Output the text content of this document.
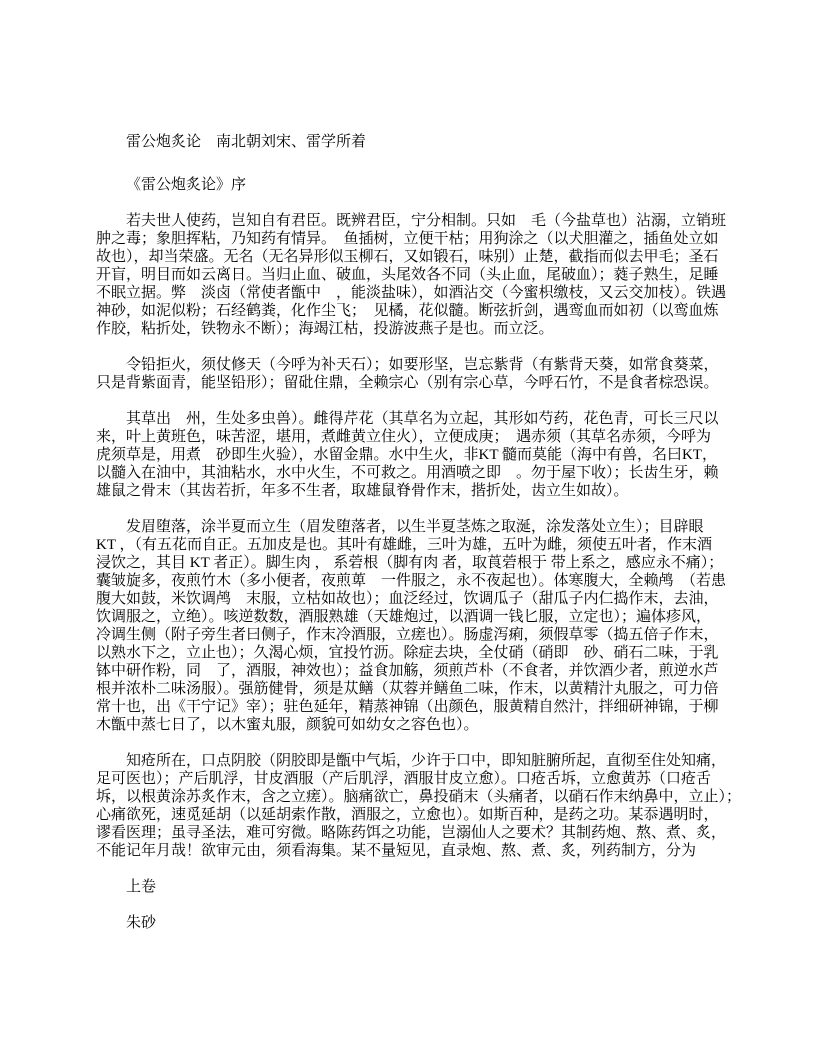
雷公炮炙论　南北朝刘宋、雷学所着
《雷公炮炙论》序
若夫世人使药，岂知自有君臣。既辨君臣，宁分相制。只如　毛（今盐草也）沾溺，立销班
肿之毒；象胆挥粘，乃知药有情异。　鱼插树，立便干枯；用狗涂之（以犬胆灌之，插鱼处立如
故也），却当荣盛。无名（无名异形似玉柳石，又如锻石，味别）止楚，截指而似去甲毛；圣石
开盲，明目而如云离日。当归止血、破血，头尾效各不同（头止血，尾破血）；蕤子熟生，足睡
不眠立据。弊　淡卤（常使者甑中　，能淡盐味），如酒沾交（今蜜枳缴枝，又云交加枝）。铁遇
神砂，如泥似粉；石经鹤粪，化作尘飞；　见橘，花似髓。断弦折剑，遇鸾血而如初（以鸾血炼
作胶，粘折处，铁物永不断）；海竭江枯，投游波燕子是也。而立泛。
令铅拒火，须仗修天（今呼为补天石）；如要形坚，岂忘紫背（有紫背天葵，如常食葵菜，
只是背紫面青，能坚铅形）；留砒住鼎，全赖宗心（别有宗心草，今呼石竹，不是食者棕恐误。
其草出　州，生处多虫兽）。雌得芹花（其草名为立起，其形如芍药，花色青，可长三尺以
来，叶上黄班色，味苦涩，堪用，煮雌黄立住火），立便成庚；　遇赤须（其草名赤须，今呼为
虎须草是，用煮　砂即生火验），水留金鼎。水中生火，非KT 髓而莫能（海中有兽，名曰KT，
以髓入在油中，其油粘水，水中火生，不可救之。用酒喷之即　。勿于屋下收）；长齿生牙，赖
雄鼠之骨末（其齿若折，年多不生者，取雄鼠脊骨作末，揩折处，齿立生如故）。
发眉堕落，涂半夏而立生（眉发堕落者，以生半夏茎炼之取涎，涂发落处立生）；目辟眼
KT ，（有五花而自正。五加皮是也。其叶有雄雌，三叶为雄，五叶为雌，须使五叶者，作末酒
浸饮之，其目 KT 者正）。脚生肉 ， 系菪根（脚有肉 者，取莨菪根于 带上系之，感应永不痛）；
囊皱旋多，夜煎竹木（多小便者，夜煎萆　一件服之，永不夜起也）。体寒腹大，全赖鸬　（若患
腹大如鼓，米饮调鸬　末服，立枯如故也）；血泛经过，饮调瓜子（甜瓜子内仁捣作末，去油，
饮调服之，立绝）。咳逆数数，酒服熟雄（天雄炮过，以酒调一钱匕服，立定也）；遍体疹风，
冷调生侧（附子旁生者曰侧子，作末冷酒服，立瘥也）。肠虚泻痢，须假草零（捣五倍子作末，
以熟水下之，立止也）；久渴心烦，宜投竹沥。除症去块，全仗硝（硝即　砂、硝石二味，于乳
钵中研作粉，同　了，酒服，神效也）；益食加觞，须煎芦朴（不食者，并饮酒少者，煎逆水芦
根并浓朴二味汤服）。强筋健骨，须是苁鳝（苁蓉并鳝鱼二味，作末，以黄精汁丸服之，可力倍
常十也，出《干宁记》宰）；驻色延年，精蒸神锦（出颜色，服黄精自然汁，拌细研神锦，于柳
木甑中蒸七日了，以木蜜丸服，颜貌可如幼女之容色也）。
知疮所在，口点阴胶（阴胶即是甑中气垢，少许于口中，即知脏腑所起，直彻至住处知痛，
足可医也）；产后肌浮，甘皮酒服（产后肌浮，酒服甘皮立愈）。口疮舌坼，立愈黄苏（口疮舌
坼，以根黄涂苏炙作末，含之立瘥）。脑痛欲亡，鼻投硝末（头痛者，以硝石作末纳鼻中，立止）；
心痛欲死，速觅延胡（以延胡索作散，酒服之，立愈也）。如斯百种，是药之功。某忝遇明时，
谬看医理；虽寻圣法，难可穷微。略陈药饵之功能，岂溺仙人之要术？其制药炮、熬、煮、炙，
不能记年月哉！欲审元由，须看海集。某不量短见，直录炮、熬、煮、炙，列药制方，分为
上卷
朱砂
